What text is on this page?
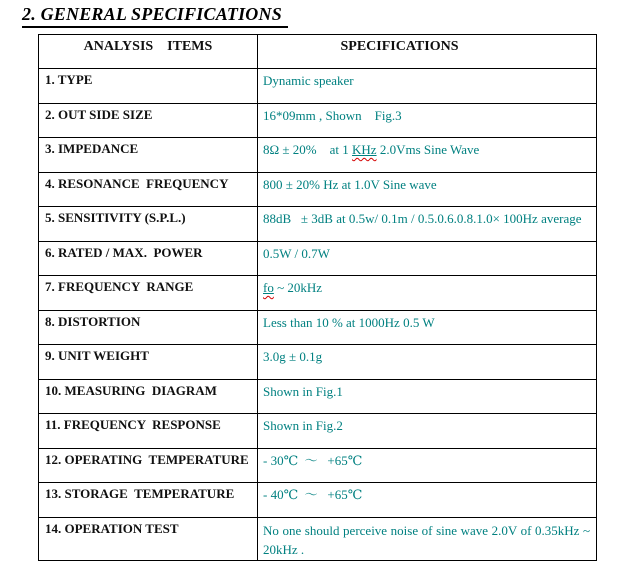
2. GENERAL SPECIFICATIONS
ANALYSIS    ITEMS	SPECIFICATIONS
1. TYPE	Dynamic speaker
2. OUT SIDE SIZE	16*09mm , Shown    Fig.3
3. IMPEDANCE	8Ω ± 20%    at 1 KHz 2.0Vms Sine Wave
4. RESONANCE  FREQUENCY	800 ± 20% Hz at 1.0V Sine wave
5. SENSITIVITY (S.P.L.)	88dB   ± 3dB at 0.5w/ 0.1m / 0.5.0.6.0.8.1.0× 100Hz average
6. RATED / MAX.  POWER	0.5W / 0.7W
7. FREQUENCY  RANGE	fo ~ 20kHz
8. DISTORTION	Less than 10 % at 1000Hz 0.5 W
9. UNIT WEIGHT	3.0g ± 0.1g
10. MEASURING  DIAGRAM	Shown in Fig.1
11. FREQUENCY  RESPONSE	Shown in Fig.2
12. OPERATING  TEMPERATURE	- 30℃  ～   +65℃
13. STORAGE  TEMPERATURE	- 40℃  ～   +65℃
14. OPERATION TEST	No one should perceive noise of sine wave 2.0V of 0.35kHz ~ 20kHz .
